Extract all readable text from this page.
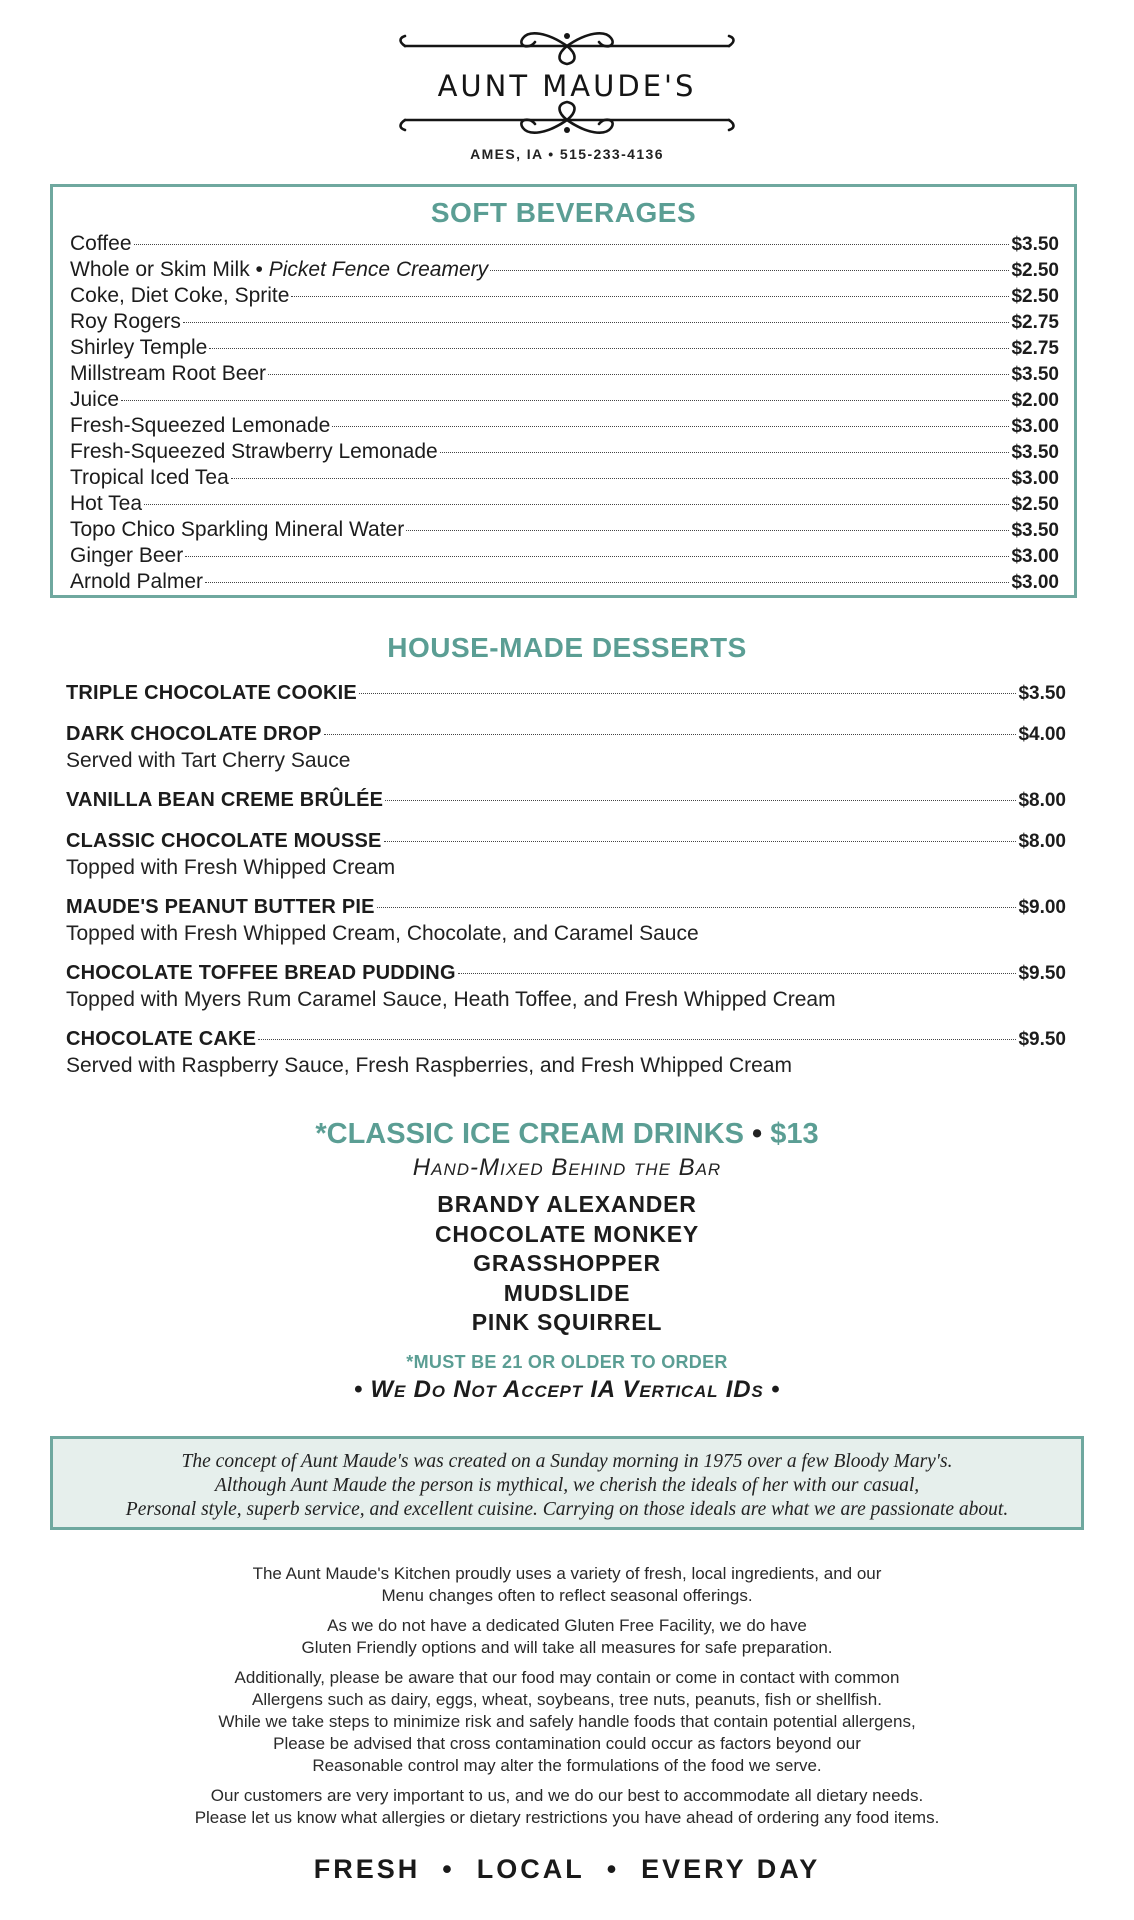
AUNT MAUDE'S
AMES, IA • 515-233-4136
SOFT BEVERAGES
Coffee	$3.50
Whole or Skim Milk • Picket Fence Creamery	$2.50
Coke, Diet Coke, Sprite	$2.50
Roy Rogers	$2.75
Shirley Temple	$2.75
Millstream Root Beer	$3.50
Juice	$2.00
Fresh-Squeezed Lemonade	$3.00
Fresh-Squeezed Strawberry Lemonade	$3.50
Tropical Iced Tea	$3.00
Hot Tea	$2.50
Topo Chico Sparkling Mineral Water	$3.50
Ginger Beer	$3.00
Arnold Palmer	$3.00
HOUSE-MADE DESSERTS
TRIPLE CHOCOLATE COOKIE	$3.50
DARK CHOCOLATE DROP	$4.00
Served with Tart Cherry Sauce
VANILLA BEAN CREME BRÛLÉE	$8.00
CLASSIC CHOCOLATE MOUSSE	$8.00
Topped with Fresh Whipped Cream
MAUDE'S PEANUT BUTTER PIE	$9.00
Topped with Fresh Whipped Cream, Chocolate, and Caramel Sauce
CHOCOLATE TOFFEE BREAD PUDDING	$9.50
Topped with Myers Rum Caramel Sauce, Heath Toffee, and Fresh Whipped Cream
CHOCOLATE CAKE	$9.50
Served with Raspberry Sauce, Fresh Raspberries, and Fresh Whipped Cream
*CLASSIC ICE CREAM DRINKS • $13
Hand-Mixed Behind the Bar
BRANDY ALEXANDER
CHOCOLATE MONKEY
GRASSHOPPER
MUDSLIDE
PINK SQUIRREL
*MUST BE 21 OR OLDER TO ORDER
• We Do Not Accept IA Vertical IDs •
The concept of Aunt Maude's was created on a Sunday morning in 1975 over a few Bloody Mary's.
Although Aunt Maude the person is mythical, we cherish the ideals of her with our casual,
Personal style, superb service, and excellent cuisine. Carrying on those ideals are what we are passionate about.

The Aunt Maude's Kitchen proudly uses a variety of fresh, local ingredients, and our
Menu changes often to reflect seasonal offerings.

As we do not have a dedicated Gluten Free Facility, we do have
Gluten Friendly options and will take all measures for safe preparation.

Additionally, please be aware that our food may contain or come in contact with common
Allergens such as dairy, eggs, wheat, soybeans, tree nuts, peanuts, fish or shellfish.
While we take steps to minimize risk and safely handle foods that contain potential allergens,
Please be advised that cross contamination could occur as factors beyond our
Reasonable control may alter the formulations of the food we serve.

Our customers are very important to us, and we do our best to accommodate all dietary needs.
Please let us know what allergies or dietary restrictions you have ahead of ordering any food items.

FRESH • LOCAL • EVERY DAY
